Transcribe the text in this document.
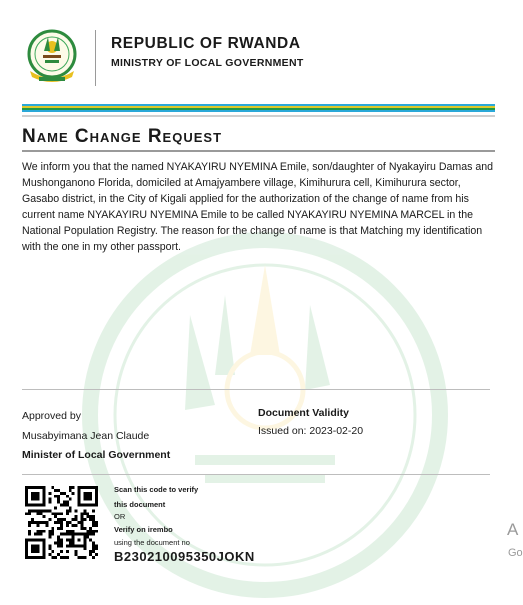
REPUBLIC OF RWANDA
MINISTRY OF LOCAL GOVERNMENT
Name Change Request
We inform you that the named NYAKAYIRU NYEMINA Emile, son/daughter of Nyakayiru Damas and Mushonganono Florida, domiciled at Amajyambere village, Kimihurura cell, Kimihurura sector, Gasabo district, in the City of Kigali applied for the authorization of the change of name from his current name NYAKAYIRU NYEMINA Emile to be called NYAKAYIRU NYEMINA MARCEL in the National Population Registry. The reason for the change of name is that Matching my identification with the one in my other passport.
Approved by
Musabyimana Jean Claude
Minister of Local Government
Document Validity
Issued on: 2023-02-20
Scan this code to verify
this document
OR
Verify on irembo
using the document no
B230210095350JOKN
A
Go
